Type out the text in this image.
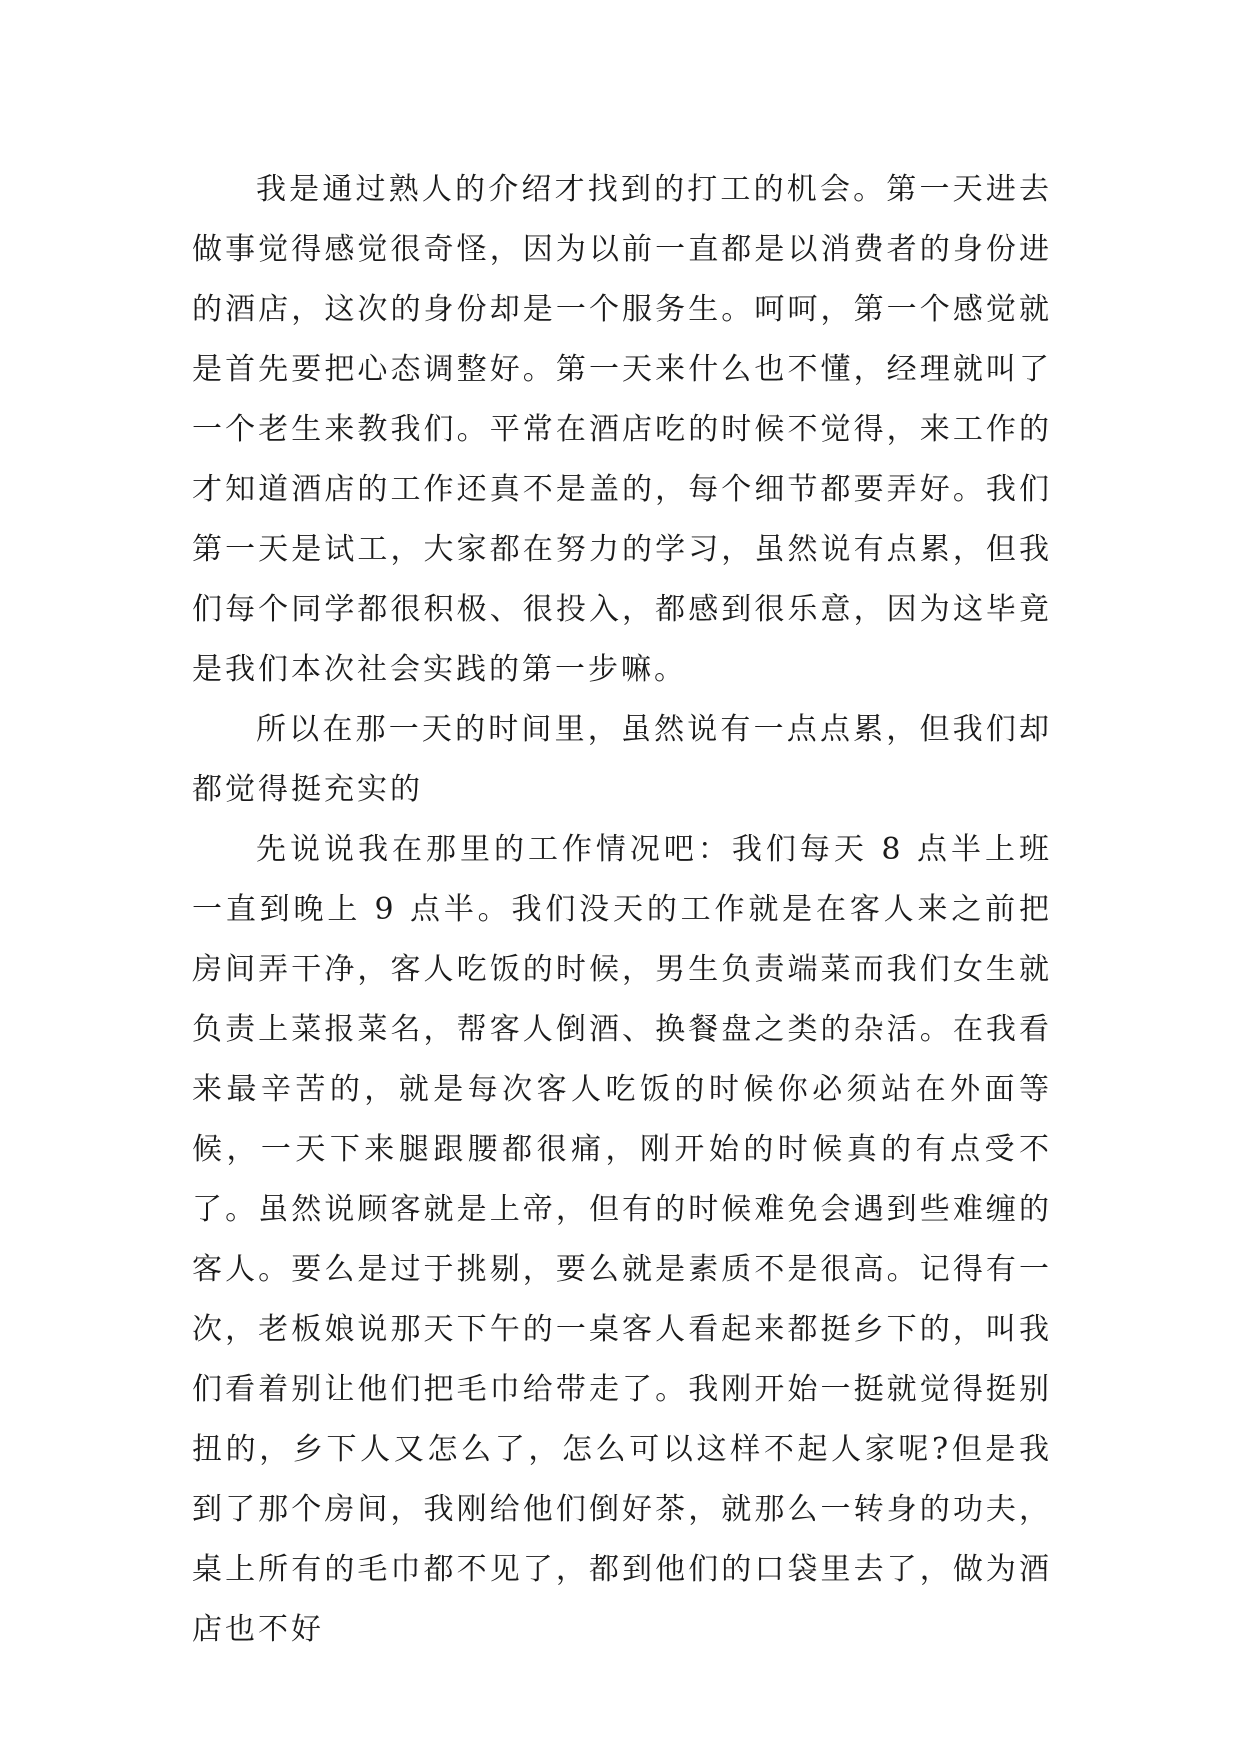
我是通过熟人的介绍才找到的打工的机会。第一天进去做事觉得感觉很奇怪，因为以前一直都是以消费者的身份进的酒店，这次的身份却是一个服务生。呵呵，第一个感觉就是首先要把心态调整好。第一天来什么也不懂，经理就叫了一个老生来教我们。平常在酒店吃的时候不觉得，来工作的才知道酒店的工作还真不是盖的，每个细节都要弄好。我们第一天是试工，大家都在努力的学习，虽然说有点累，但我们每个同学都很积极、很投入，都感到很乐意，因为这毕竟是我们本次社会实践的第一步嘛。

所以在那一天的时间里，虽然说有一点点累，但我们却都觉得挺充实的

先说说我在那里的工作情况吧：我们每天 8 点半上班一直到晚上 9 点半。我们没天的工作就是在客人来之前把房间弄干净，客人吃饭的时候，男生负责端菜而我们女生就负责上菜报菜名，帮客人倒酒、换餐盘之类的杂活。在我看来最辛苦的，就是每次客人吃饭的时候你必须站在外面等候，一天下来腿跟腰都很痛，刚开始的时候真的有点受不了。虽然说顾客就是上帝，但有的时候难免会遇到些难缠的客人。要么是过于挑剔，要么就是素质不是很高。记得有一次，老板娘说那天下午的一桌客人看起来都挺乡下的，叫我们看着别让他们把毛巾给带走了。我刚开始一挺就觉得挺别扭的，乡下人又怎么了，怎么可以这样不起人家呢?但是我到了那个房间，我刚给他们倒好茶，就那么一转身的功夫，桌上所有的毛巾都不见了，都到他们的口袋里去了，做为酒店也不好
